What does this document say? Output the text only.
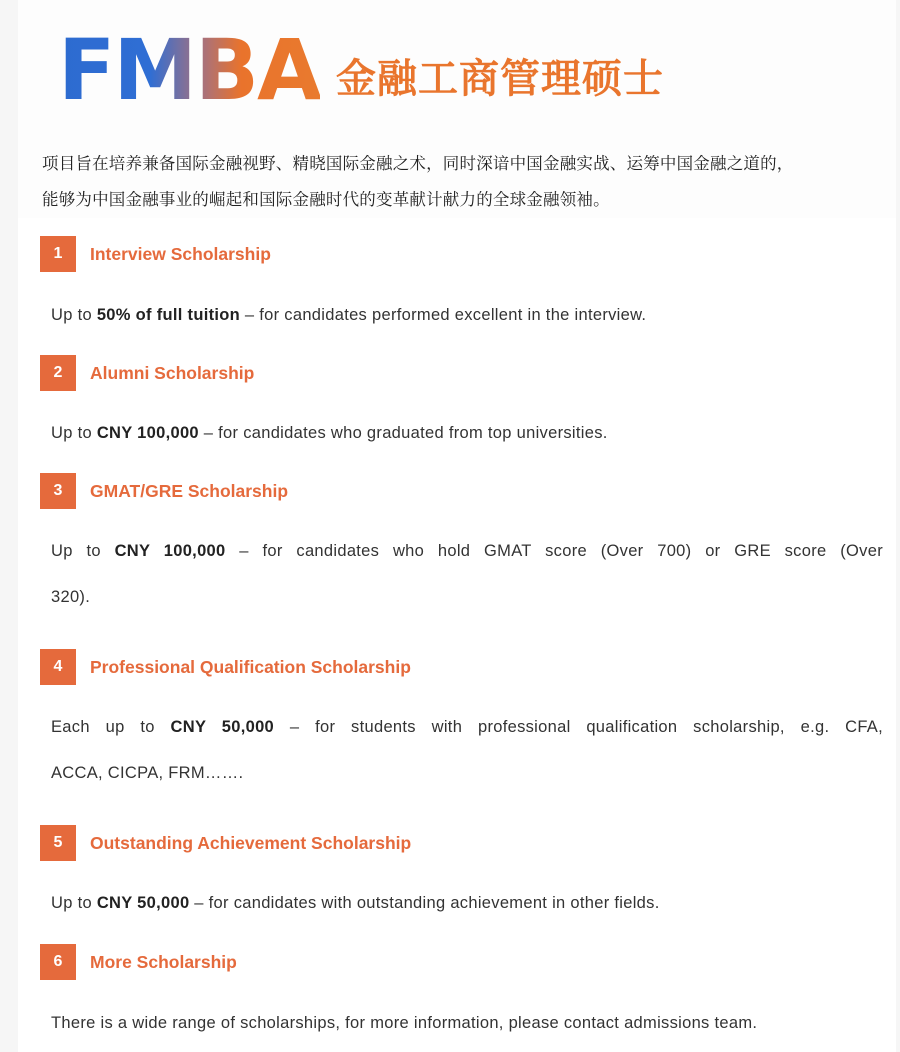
FMBA 金融工商管理硕士

项目旨在培养兼备国际金融视野、精晓国际金融之术，同时深谙中国金融实战、运筹中国金融之道的，

能够为中国金融事业的崛起和国际金融时代的变革献计献力的全球金融领袖。

1	Interview Scholarship
Up to 50% of full tuition – for candidates performed excellent in the interview.
2	Alumni Scholarship
Up to CNY 100,000 – for candidates who graduated from top universities.
3	GMAT/GRE Scholarship
Up to CNY 100,000 – for candidates who hold GMAT score (Over 700) or GRE score (Over
320).
4	Professional Qualification Scholarship
Each up to CNY 50,000 – for students with professional qualification scholarship, e.g. CFA,
ACCA, CICPA, FRM…….
5	Outstanding Achievement Scholarship
Up to CNY 50,000 – for candidates with outstanding achievement in other fields.
6	More Scholarship
There is a wide range of scholarships, for more information, please contact admissions team.
